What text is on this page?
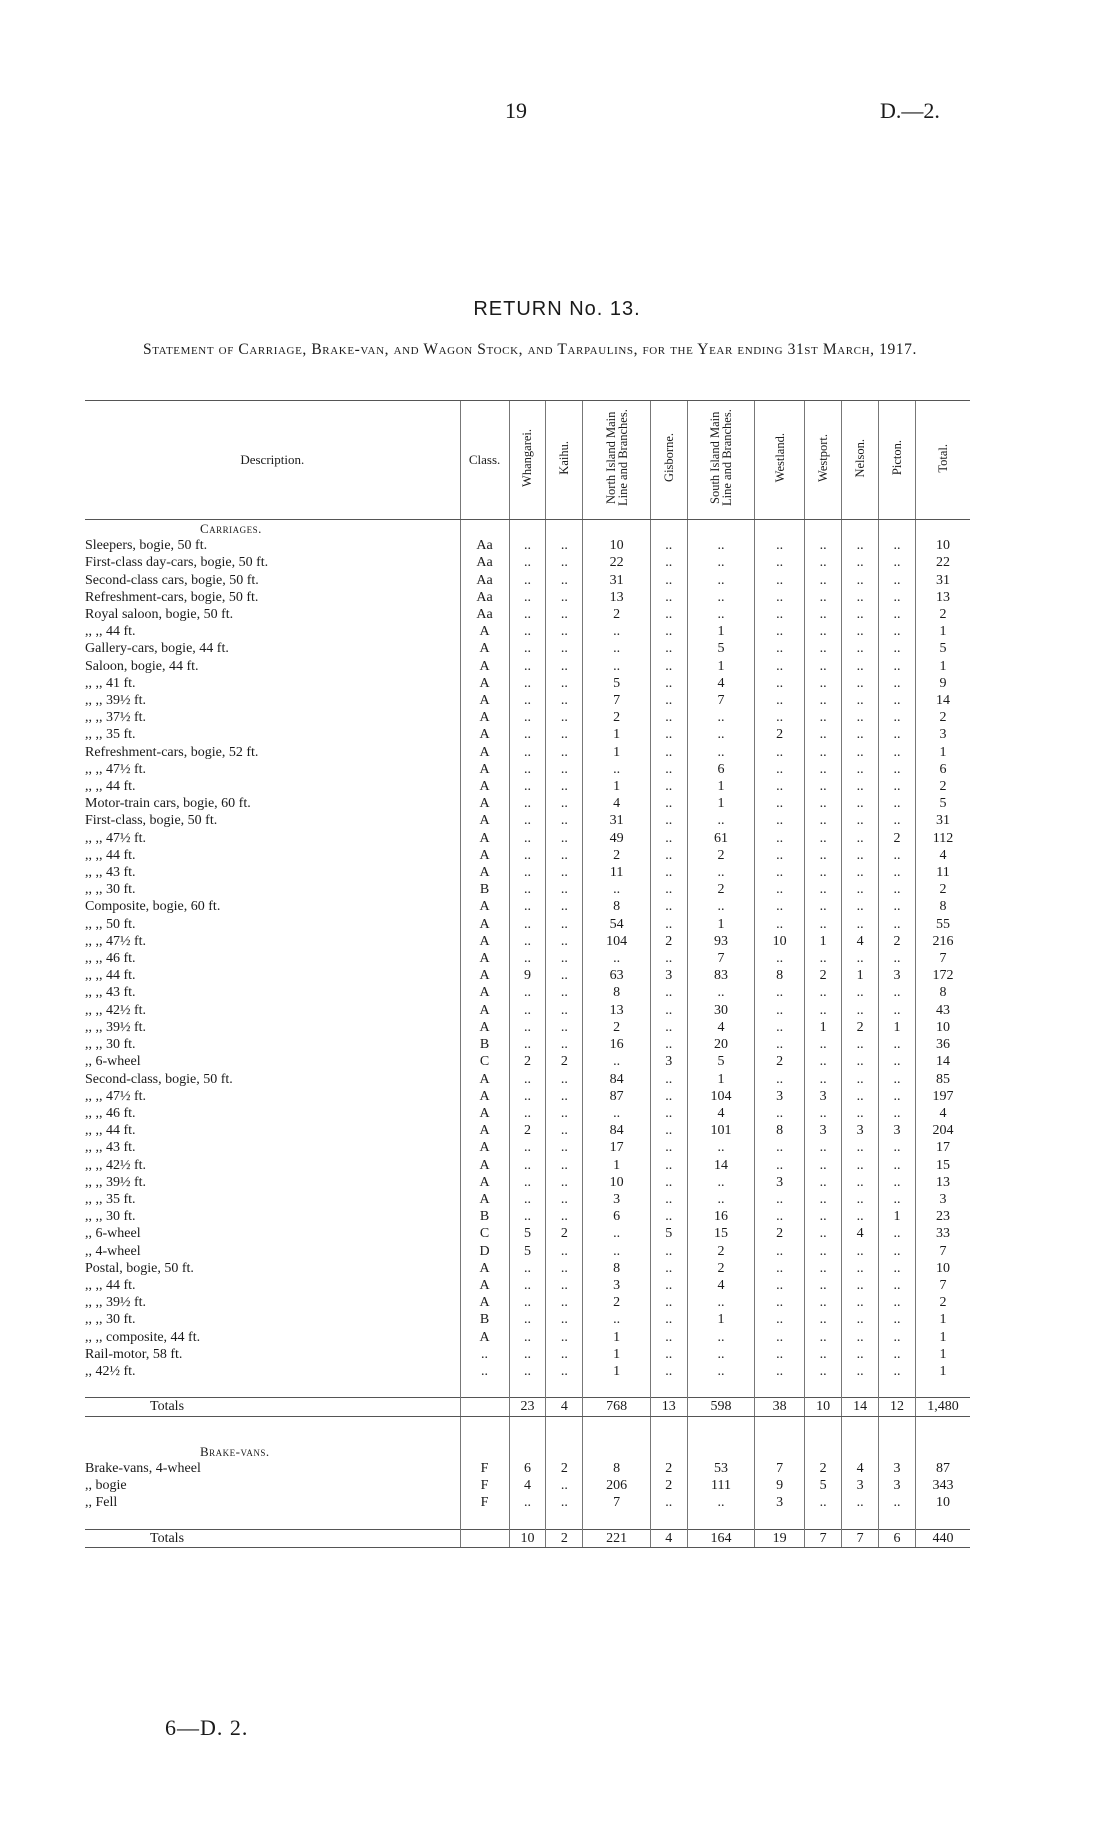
19	D.—2.
RETURN No. 13.
Statement of Carriage, Brake-van, and Wagon Stock, and Tarpaulins, for the Year ending 31st March, 1917.
Description.	Class.	Whangarei.	Kaihu.	North Island Main Line and Branches.	Gisborne.	South Island Main Line and Branches.	Westland.	Westport.	Nelson.	Picton.	Total.
Carriages.											
Sleepers, bogie, 50 ft.	Aa	..	..	10	..	..	..	..	..	..	10
First-class day-cars, bogie, 50 ft.	Aa	..	..	22	..	..	..	..	..	..	22
Second-class cars, bogie, 50 ft.	Aa	..	..	31	..	..	..	..	..	..	31
Refreshment-cars, bogie, 50 ft.	Aa	..	..	13	..	..	..	..	..	..	13
Royal saloon, bogie, 50 ft.	Aa	..	..	2	..	..	..	..	..	..	2
,, ,, 44 ft.	A	..	..	..	..	1	..	..	..	..	1
Gallery-cars, bogie, 44 ft.	A	..	..	..	..	5	..	..	..	..	5
Saloon, bogie, 44 ft.	A	..	..	..	..	1	..	..	..	..	1
,, ,, 41 ft.	A	..	..	5	..	4	..	..	..	..	9
,, ,, 39½ ft.	A	..	..	7	..	7	..	..	..	..	14
,, ,, 37½ ft.	A	..	..	2	..	..	..	..	..	..	2
,, ,, 35 ft.	A	..	..	1	..	..	2	..	..	..	3
Refreshment-cars, bogie, 52 ft.	A	..	..	1	..	..	..	..	..	..	1
,, ,, 47½ ft.	A	..	..	..	..	6	..	..	..	..	6
,, ,, 44 ft.	A	..	..	1	..	1	..	..	..	..	2
Motor-train cars, bogie, 60 ft.	A	..	..	4	..	1	..	..	..	..	5
First-class, bogie, 50 ft.	A	..	..	31	..	..	..	..	..	..	31
,, ,, 47½ ft.	A	..	..	49	..	61	..	..	..	2	112
,, ,, 44 ft.	A	..	..	2	..	2	..	..	..	..	4
,, ,, 43 ft.	A	..	..	11	..	..	..	..	..	..	11
,, ,, 30 ft.	B	..	..	..	..	2	..	..	..	..	2
Composite, bogie, 60 ft.	A	..	..	8	..	..	..	..	..	..	8
,, ,, 50 ft.	A	..	..	54	..	1	..	..	..	..	55
,, ,, 47½ ft.	A	..	..	104	2	93	10	1	4	2	216
,, ,, 46 ft.	A	..	..	..	..	7	..	..	..	..	7
,, ,, 44 ft.	A	9	..	63	3	83	8	2	1	3	172
,, ,, 43 ft.	A	..	..	8	..	..	..	..	..	..	8
,, ,, 42½ ft.	A	..	..	13	..	30	..	..	..	..	43
,, ,, 39½ ft.	A	..	..	2	..	4	..	1	2	1	10
,, ,, 30 ft.	B	..	..	16	..	20	..	..	..	..	36
,, 6-wheel	C	2	2	..	3	5	2	..	..	..	14
Second-class, bogie, 50 ft.	A	..	..	84	..	1	..	..	..	..	85
,, ,, 47½ ft.	A	..	..	87	..	104	3	3	..	..	197
,, ,, 46 ft.	A	..	..	..	..	4	..	..	..	..	4
,, ,, 44 ft.	A	2	..	84	..	101	8	3	3	3	204
,, ,, 43 ft.	A	..	..	17	..	..	..	..	..	..	17
,, ,, 42½ ft.	A	..	..	1	..	14	..	..	..	..	15
,, ,, 39½ ft.	A	..	..	10	..	..	3	..	..	..	13
,, ,, 35 ft.	A	..	..	3	..	..	..	..	..	..	3
,, ,, 30 ft.	B	..	..	6	..	16	..	..	..	1	23
,, 6-wheel	C	5	2	..	5	15	2	..	4	..	33
,, 4-wheel	D	5	..	..	..	2	..	..	..	..	7
Postal, bogie, 50 ft.	A	..	..	8	..	2	..	..	..	..	10
,, ,, 44 ft.	A	..	..	3	..	4	..	..	..	..	7
,, ,, 39½ ft.	A	..	..	2	..	..	..	..	..	..	2
,, ,, 30 ft.	B	..	..	..	..	1	..	..	..	..	1
,, ,, composite, 44 ft.	A	..	..	1	..	..	..	..	..	..	1
Rail-motor, 58 ft.	..	..	..	1	..	..	..	..	..	..	1
,, 42½ ft.	..	..	..	1	..	..	..	..	..	..	1

Totals		23	4	768	13	598	38	10	14	12	1,480

Brake-vans.											
Brake-vans, 4-wheel	F	6	2	8	2	53	7	2	4	3	87
,, bogie	F	4	..	206	2	111	9	5	3	3	343
,, Fell	F	..	..	7	..	..	3	..	..	..	10

Totals		10	2	221	4	164	19	7	7	6	440
6—D. 2.
